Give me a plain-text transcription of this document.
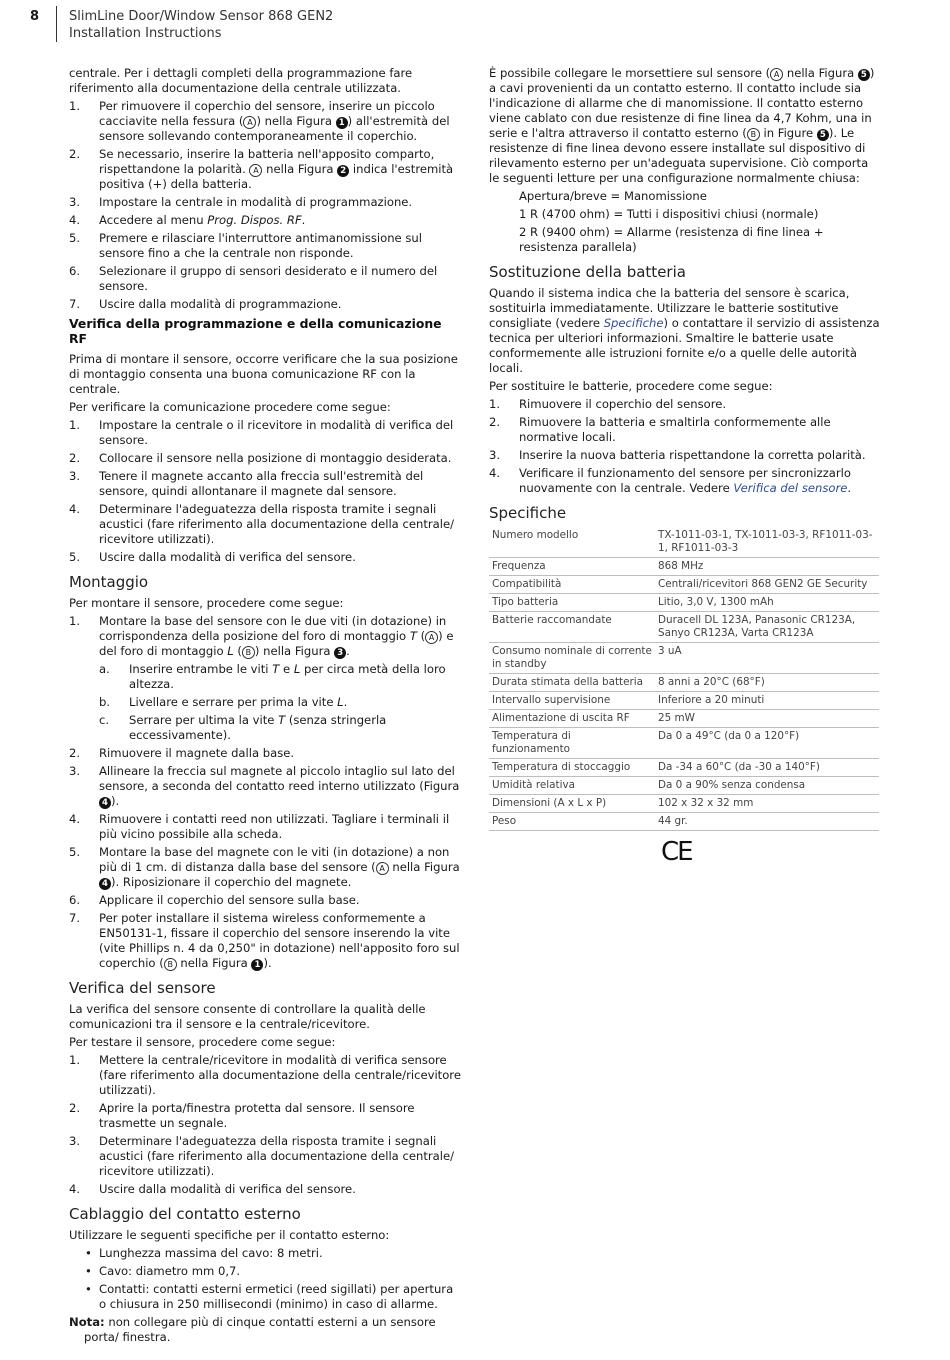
8 SlimLine Door/Window Sensor 868 GEN2
Installation Instructions

centrale. Per i dettagli completi della programmazione fare riferimento alla documentazione della centrale utilizzata.

1. Per rimuovere il coperchio del sensore, inserire un piccolo cacciavite nella fessura ( A ) nella Figura 1 ) all'estremità del sensore sollevando contemporaneamente il coperchio.
2. Se necessario, inserire la batteria nell'apposito comparto, rispettandone la polarità. A nella Figura 2 indica l'estremità positiva (+) della batteria.
3. Impostare la centrale in modalità di programmazione.
4. Accedere al menu Prog. Dispos. RF.
5. Premere e rilasciare l'interruttore antimanomissione sul sensore fino a che la centrale non risponde.
6. Selezionare il gruppo di sensori desiderato e il numero del sensore.
7. Uscire dalla modalità di programmazione.
Verifica della programmazione e della comunicazione RF

Prima di montare il sensore, occorre verificare che la sua posizione di montaggio consenta una buona comunicazione RF con la centrale.

Per verificare la comunicazione procedere come segue:

1. Impostare la centrale o il ricevitore in modalità di verifica del sensore.
2. Collocare il sensore nella posizione di montaggio desiderata.
3. Tenere il magnete accanto alla freccia sull'estremità del sensore, quindi allontanare il magnete dal sensore.
4. Determinare l'adeguatezza della risposta tramite i segnali acustici (fare riferimento alla documentazione della centrale/ ricevitore utilizzati).
5. Uscire dalla modalità di verifica del sensore.
Montaggio

Per montare il sensore, procedere come segue:

1. Montare la base del sensore con le due viti (in dotazione) in corrispondenza della posizione del foro di montaggio T ( A ) e del foro di montaggio L ( B ) nella Figura 3 .
a. Inserire entrambe le viti T e L per circa metà della loro altezza.
b. Livellare e serrare per prima la vite L.
c. Serrare per ultima la vite T (senza stringerla eccessivamente).
2. Rimuovere il magnete dalla base.
3. Allineare la freccia sul magnete al piccolo intaglio sul lato del sensore, a seconda del contatto reed interno utilizzato (Figura 4 ).
4. Rimuovere i contatti reed non utilizzati. Tagliare i terminali il più vicino possibile alla scheda.
5. Montare la base del magnete con le viti (in dotazione) a non più di 1 cm. di distanza dalla base del sensore ( A nella Figura 4 ). Riposizionare il coperchio del magnete.
6. Applicare il coperchio del sensore sulla base.
7. Per poter installare il sistema wireless conformemente a EN50131-1, fissare il coperchio del sensore inserendo la vite (vite Phillips n. 4 da 0,250" in dotazione) nell'apposito foro sul coperchio ( B nella Figura 1 ).
Verifica del sensore

La verifica del sensore consente di controllare la qualità delle comunicazioni tra il sensore e la centrale/ricevitore.

Per testare il sensore, procedere come segue:

1. Mettere la centrale/ricevitore in modalità di verifica sensore (fare riferimento alla documentazione della centrale/ricevitore utilizzati).
2. Aprire la porta/finestra protetta dal sensore. Il sensore trasmette un segnale.
3. Determinare l'adeguatezza della risposta tramite i segnali acustici (fare riferimento alla documentazione della centrale/ ricevitore utilizzati).
4. Uscire dalla modalità di verifica del sensore.
Cablaggio del contatto esterno

Utilizzare le seguenti specifiche per il contatto esterno:

• Lunghezza massima del cavo: 8 metri.
• Cavo: diametro mm 0,7.
• Contatti: contatti esterni ermetici (reed sigillati) per apertura o chiusura in 250 millisecondi (minimo) in caso di allarme.

Nota: non collegare più di cinque contatti esterni a un sensore porta/ finestra.

È possibile collegare le morsettiere sul sensore ( A nella Figura 5 ) a cavi provenienti da un contatto esterno. Il contatto include sia l'indicazione di allarme che di manomissione. Il contatto esterno viene cablato con due resistenze di fine linea da 4,7 Kohm, una in serie e l'altra attraverso il contatto esterno ( B in Figure 5 ). Le resistenze di fine linea devono essere installate sul dispositivo di rilevamento esterno per un'adeguata supervisione. Ciò comporta le seguenti letture per una configurazione normalmente chiusa:

Apertura/breve = Manomissione

1 R (4700 ohm) = Tutti i dispositivi chiusi (normale)

2 R (9400 ohm) = Allarme (resistenza di fine linea + resistenza parallela)

Sostituzione della batteria

Quando il sistema indica che la batteria del sensore è scarica, sostituirla immediatamente. Utilizzare le batterie sostitutive consigliate (vedere Specifiche) o contattare il servizio di assistenza tecnica per ulteriori informazioni. Smaltire le batterie usate conformemente alle istruzioni fornite e/o a quelle delle autorità locali.

Per sostituire le batterie, procedere come segue:

1. Rimuovere il coperchio del sensore.
2. Rimuovere la batteria e smaltirla conformemente alle normative locali.
3. Inserire la nuova batteria rispettandone la corretta polarità.
4. Verificare il funzionamento del sensore per sincronizzarlo nuovamente con la centrale. Vedere Verifica del sensore.
Specifiche
Numero modello	TX-1011-03-1, TX-1011-03-3, RF1011-03-1, RF1011-03-3
Frequenza	868 MHz
Compatibilità	Centrali/ricevitori 868 GEN2 GE Security
Tipo batteria	Litio, 3,0 V, 1300 mAh
Batterie raccomandate	Duracell DL 123A, Panasonic CR123A, Sanyo CR123A, Varta CR123A
Consumo nominale di corrente in standby	3 uA
Durata stimata della batteria	8 anni a 20°C (68°F)
Intervallo supervisione	Inferiore a 20 minuti
Alimentazione di uscita RF	25 mW
Temperatura di funzionamento	Da 0 a 49°C (da 0 a 120°F)
Temperatura di stoccaggio	Da -34 a 60°C (da -30 a 140°F)
Umidità relativa	Da 0 a 90% senza condensa
Dimensioni (A x L x P)	102 x 32 x 32 mm
Peso	44 gr.
CE
